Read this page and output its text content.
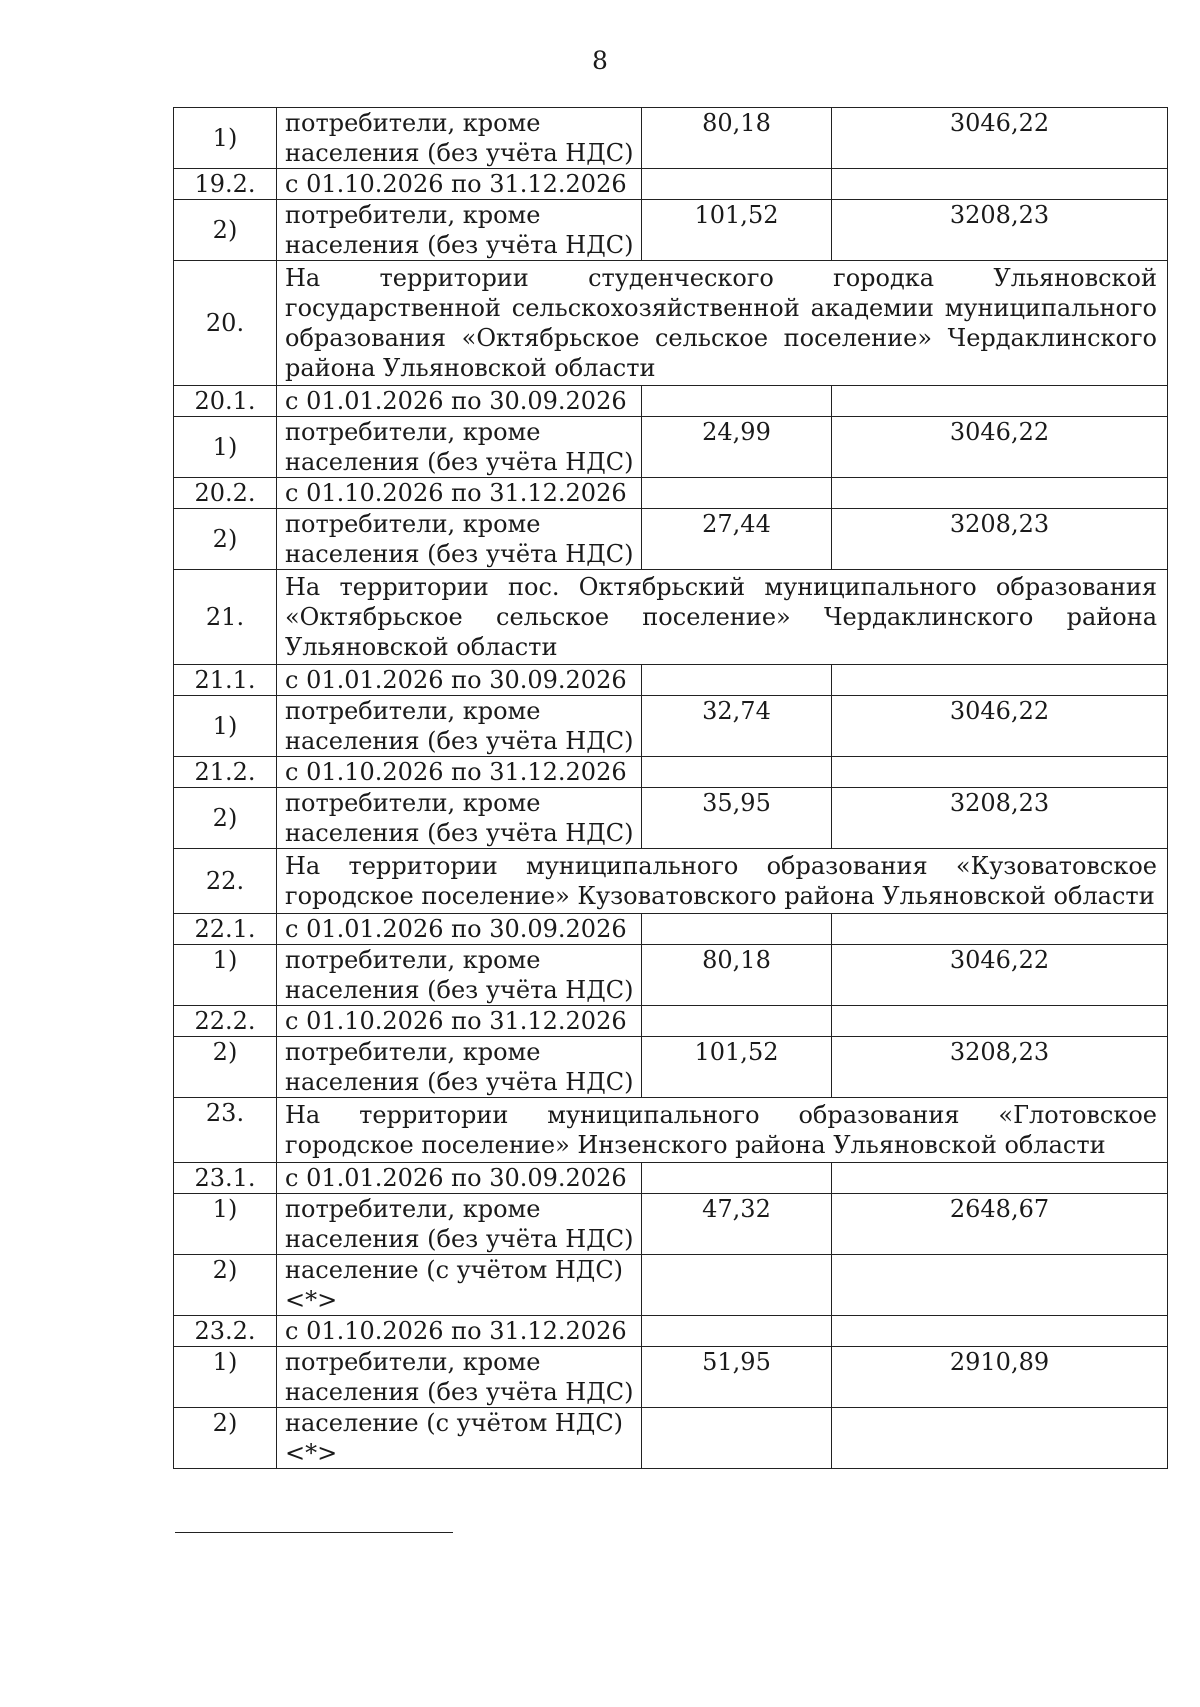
8
1)	потребители, кроме населения (без учёта НДС)	80,18	3046,22
19.2.	с 01.10.2026 по 31.12.2026		
2)	потребители, кроме населения (без учёта НДС)	101,52	3208,23
20.	На территории студенческого городка Ульяновской государственной сельскохозяйственной академии муниципального образования «Октябрьское сельское поселение» Чердаклинского района Ульяновской области		
20.1.	с 01.01.2026 по 30.09.2026		
1)	потребители, кроме населения (без учёта НДС)	24,99	3046,22
20.2.	с 01.10.2026 по 31.12.2026		
2)	потребители, кроме населения (без учёта НДС)	27,44	3208,23
21.	На территории пос. Октябрьский муниципального образования «Октябрьское сельское поселение» Чердаклинского района Ульяновской области		
21.1.	с 01.01.2026 по 30.09.2026		
1)	потребители, кроме населения (без учёта НДС)	32,74	3046,22
21.2.	с 01.10.2026 по 31.12.2026		
2)	потребители, кроме населения (без учёта НДС)	35,95	3208,23
22.	На территории муниципального образования «Кузоватовское городское поселение» Кузоватовского района Ульяновской области		
22.1.	с 01.01.2026 по 30.09.2026		
1)	потребители, кроме населения (без учёта НДС)	80,18	3046,22
22.2.	с 01.10.2026 по 31.12.2026		
2)	потребители, кроме населения (без учёта НДС)	101,52	3208,23
23.	На территории муниципального образования «Глотовское городское поселение» Инзенского района Ульяновской области		
23.1.	с 01.01.2026 по 30.09.2026		
1)	потребители, кроме населения (без учёта НДС)	47,32	2648,67
2)	население (с учётом НДС) <*>		
23.2.	с 01.10.2026 по 31.12.2026		
1)	потребители, кроме населения (без учёта НДС)	51,95	2910,89
2)	население (с учётом НДС) <*>		
